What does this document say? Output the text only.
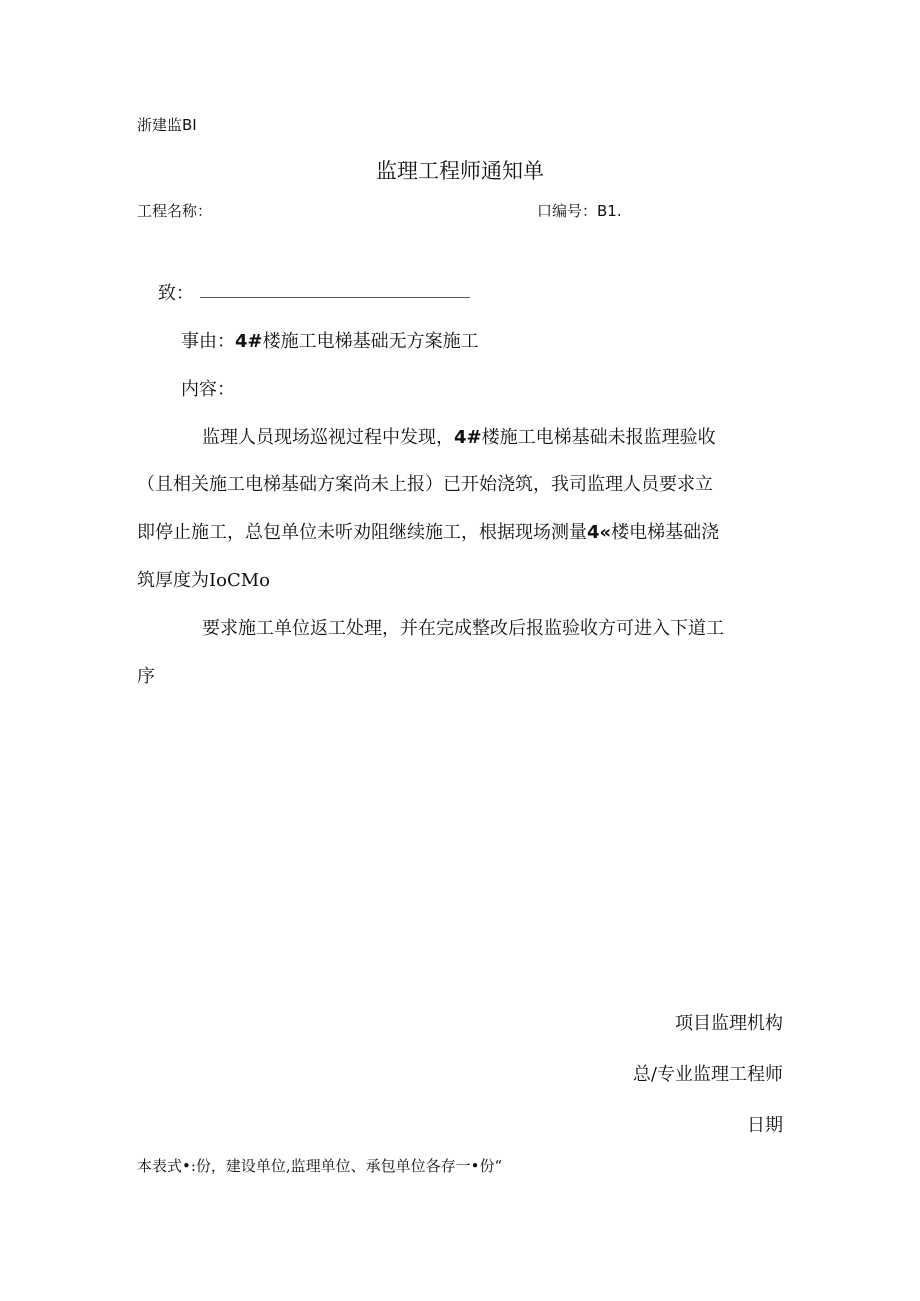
浙建监BI
监理工程师通知单
工程名称：	口编号：B1.
致：
事由：4#楼施工电梯基础无方案施工
内容：
监理人员现场巡视过程中发现，4#楼施工电梯基础未报监理验收
（且相关施工电梯基础方案尚未上报）已开始浇筑，我司监理人员要求立
即停止施工，总包单位未听劝阻继续施工，根据现场测量4«楼电梯基础浇
筑厚度为IoCMo
要求施工单位返工处理，并在完成整改后报监验收方可进入下道工
序
项目监理机构
总/专业监理工程师
日期
本表式•:份，建设单位,监理单位、承包单位各存一•份“
